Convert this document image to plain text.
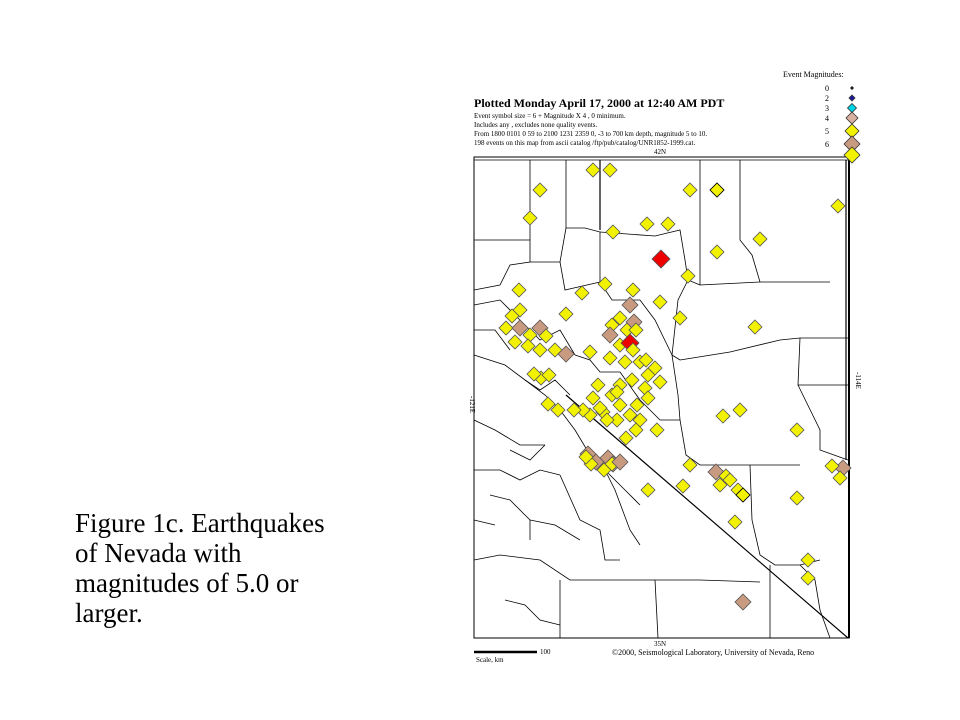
Figure 1c. Earthquakes
of Nevada with
magnitudes of 5.0 or
larger.
Plotted Monday April 17, 2000 at 12:40 AM PDT
Event symbol size = 6 + Magnitude X 4 , 0 minimum.
Includes any , excludes none quality events.
From 1800 0101 0 59 to 2100 1231 2359 0, -3 to 700 km depth, magnitude 5 to 10.
198 events on this map from ascii catalog /ftp/pub/catalog/UNR1852-1999.cat.
42N
35N
-121E
-114E
100
Scale, km
©2000, Seismological Laboratory, University of Nevada, Reno
Event Magnitudes:
0
2
3
4
5
6
